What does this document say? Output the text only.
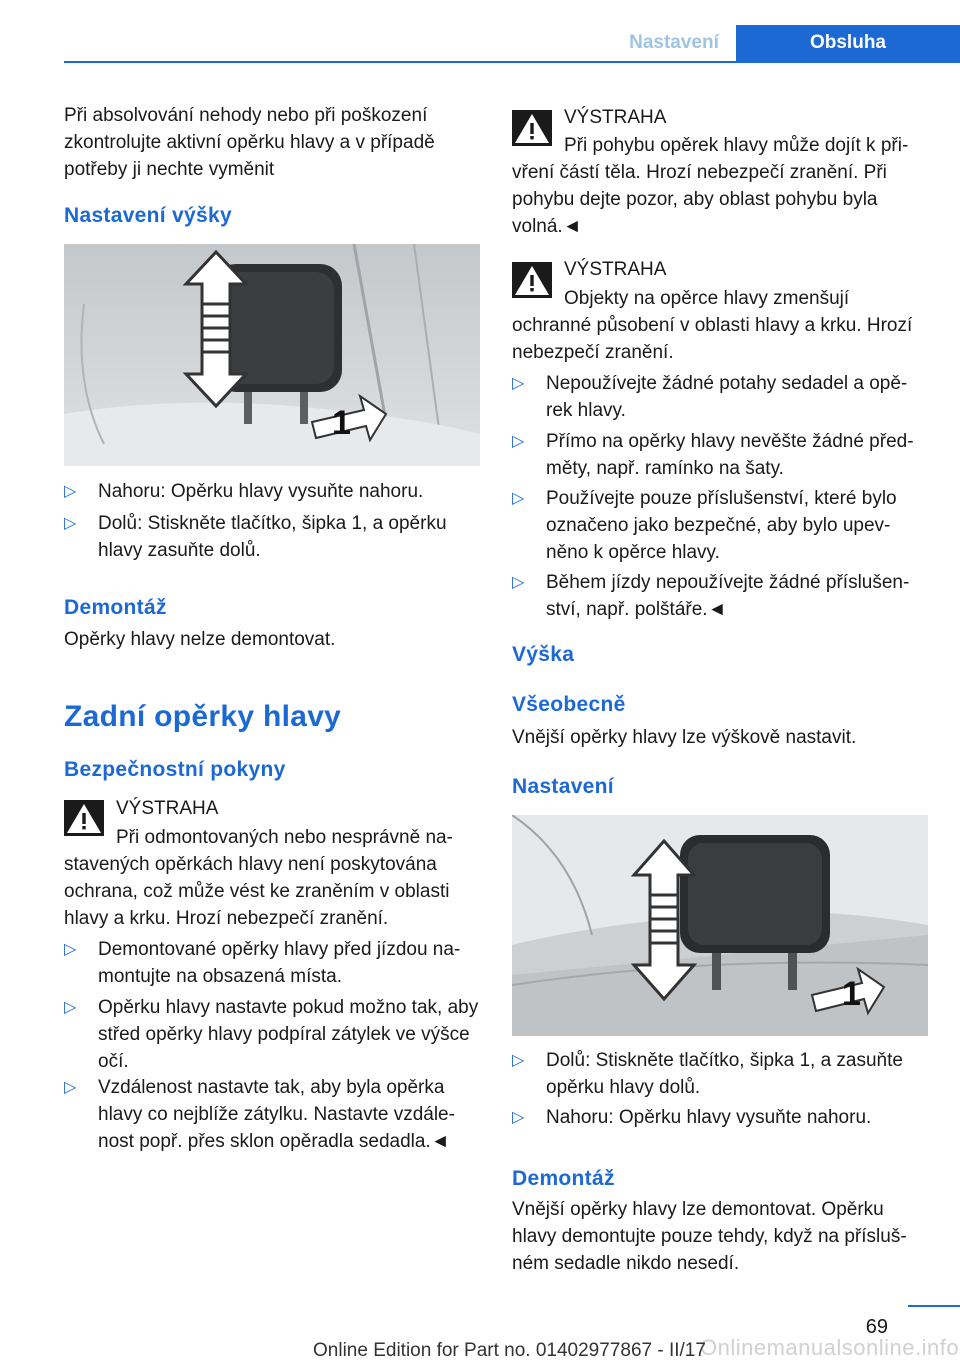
Nastavení	Obsluha
Při absolvování nehody nebo při poškození zkontrolujte aktivní opěrku hlavy a v případě potřeby ji nechte vyměnit
Nastavení výšky
1
▷ Nahoru: Opěrku hlavy vysuňte nahoru.
▷ Dolů: Stiskněte tlačítko, šipka 1, a opěrku hlavy zasuňte dolů.
Demontáž
Opěrky hlavy nelze demontovat.
Zadní opěrky hlavy
Bezpečnostní pokyny
VÝSTRAHA
Při odmontovaných nebo nesprávně na-stavených opěrkách hlavy není poskytována ochrana, což může vést ke zraněním v oblasti hlavy a krku. Hrozí nebezpečí zranění.
▷ Demontované opěrky hlavy před jízdou na-montujte na obsazená místa.
▷ Opěrku hlavy nastavte pokud možno tak, aby střed opěrky hlavy podpíral zátylek ve výšce očí.
▷ Vzdálenost nastavte tak, aby byla opěrka hlavy co nejblíže zátylku. Nastavte vzdále-nost popř. přes sklon opěradla sedadla.◄
VÝSTRAHA
Při pohybu opěrek hlavy může dojít k při-vření částí těla. Hrozí nebezpečí zranění. Při pohybu dejte pozor, aby oblast pohybu byla volná.◄
VÝSTRAHA
Objekty na opěrce hlavy zmenšují ochranné působení v oblasti hlavy a krku. Hrozí nebezpečí zranění.
▷ Nepoužívejte žádné potahy sedadel a opě-rek hlavy.
▷ Přímo na opěrky hlavy nevěšte žádné před-měty, např. ramínko na šaty.
▷ Používejte pouze příslušenství, které bylo označeno jako bezpečné, aby bylo upev-něno k opěrce hlavy.
▷ Během jízdy nepoužívejte žádné příslušen-ství, např. polštáře.◄
Výška
Všeobecně
Vnější opěrky hlavy lze výškově nastavit.
Nastavení
1
▷ Dolů: Stiskněte tlačítko, šipka 1, a zasuňte opěrku hlavy dolů.
▷ Nahoru: Opěrku hlavy vysuňte nahoru.
Demontáž
Vnější opěrky hlavy lze demontovat. Opěrku hlavy demontujte pouze tehdy, když na přísluš-ném sedadle nikdo nesedí.
69
Onlinemanualsonline.info
Online Edition for Part no. 01402977867 - II/17
